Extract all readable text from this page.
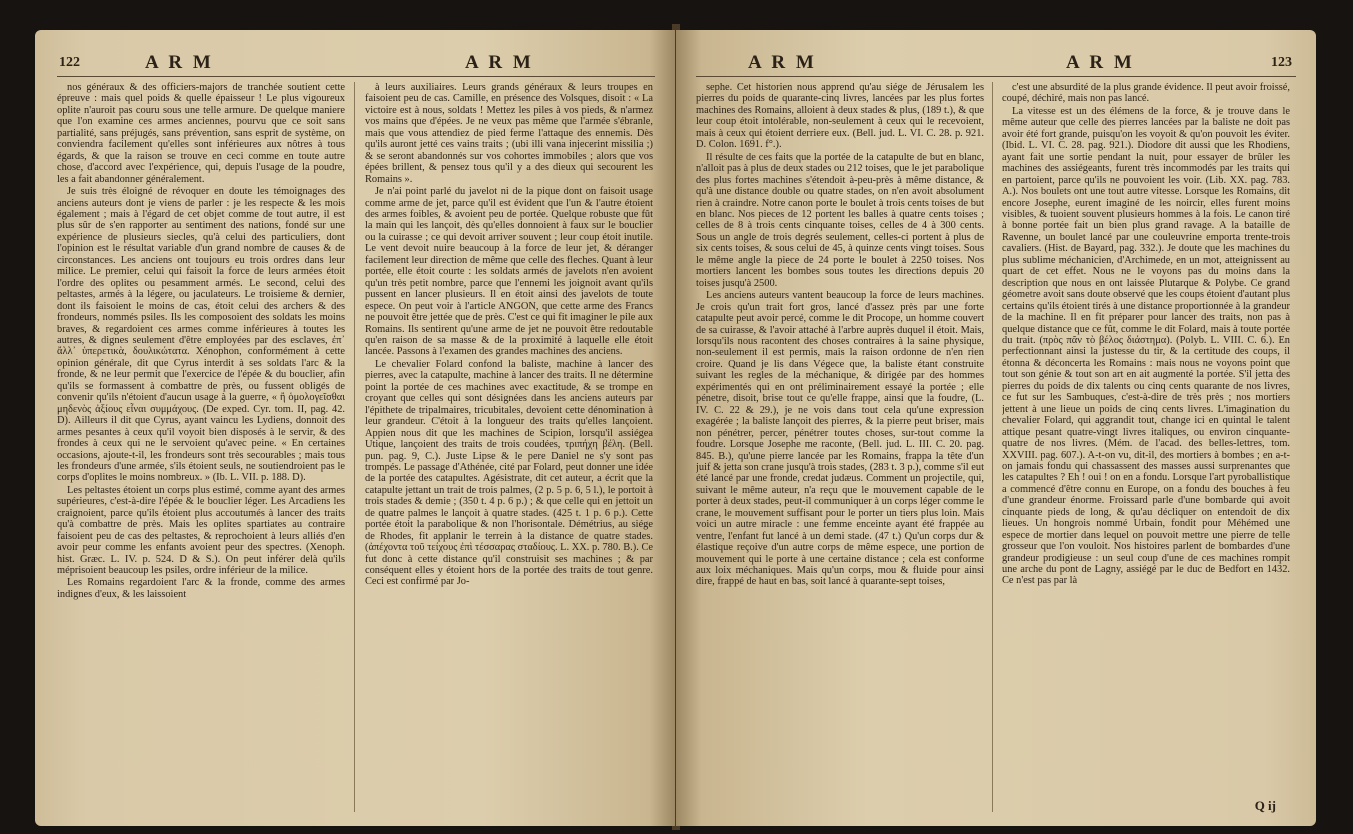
122	A R M	A R M

nos généraux & des officiers-majors de tranchée soutient cette épreuve : mais quel poids & quelle épaisseur ! Le plus vigoureux oplite n'auroit pas couru sous une telle armure. De quelque maniere que l'on examine ces armes anciennes, pourvu que ce soit sans partialité, sans préjugés, sans prévention, sans esprit de système, on conviendra facilement qu'elles sont inférieures aux nôtres à tous égards, & que la raison se trouve en ceci comme en toute autre chose, d'accord avec l'expérience, qui, depuis l'usage de la poudre, les a fait abandonner généralement.

Je suis très éloigné de révoquer en doute les témoignages des anciens auteurs dont je viens de parler : je les respecte & les mois également ; mais à l'égard de cet objet comme de tout autre, il est plus sûr de s'en rapporter au sentiment des nations, fondé sur une expérience de plusieurs siecles, qu'à celui des particuliers, dont l'opinion est le résultat variable d'un grand nombre de causes & de circonstances. Les anciens ont toujours eu trois ordres dans leur milice. Le premier, celui qui faisoit la force de leurs armées étoit l'ordre des oplites ou pesamment armés. Le second, celui des peltastes, armés à la légere, ou jaculateurs. Le troisieme & dernier, dont ils faisoient le moins de cas, étoit celui des archers & des frondeurs, nommés psiles. Ils les composoient des soldats les moins braves, & regardoient ces armes comme inférieures à toutes les autres, & dignes seulement d'être employées par des esclaves, ἐπ᾽ ἄλλ᾽ ὑπερετικὰ, δουλικώτατα. Xénophon, conformément à cette opinion générale, dit que Cyrus interdit à ses soldats l'arc & la fronde, & ne leur permit que l'exercice de l'épée & du bouclier, afin qu'ils se formassent à combattre de près, ou fussent obligés de convenir qu'ils n'étoient d'aucun usage à la guerre, « ἢ ὁμολογεῖσθαι μηδενὸς ἀξίους εἶναι συμμάχους. (De exped. Cyr. tom. II, pag. 42. D). Ailleurs il dit que Cyrus, ayant vaincu les Lydiens, donnoit des armes pesantes à ceux qu'il voyoit bien disposés à le servir, & des frondes à ceux qui ne le servoient qu'avec peine. « En certaines occasions, ajoute-t-il, les frondeurs sont très secourables ; mais tous les frondeurs d'une armée, s'ils étoient seuls, ne soutiendroient pas le corps d'oplites le moins nombreux. » (Ib. L. VII. p. 188. D).

Les peltastes étoient un corps plus estimé, comme ayant des armes supérieures, c'est-à-dire l'épée & le bouclier léger. Les Arcadiens les craignoient, parce qu'ils étoient plus accoutumés à lancer des traits qu'à combattre de près. Mais les oplites spartiates au contraire faisoient peu de cas des peltastes, & reprochoient à leurs alliés d'en avoir peur comme les enfants avoient peur des spectres. (Xenoph. hist. Græc. L. IV. p. 524. D & S.). On peut inférer delà qu'ils méprisoient beaucoup les psiles, ordre inférieur de la milice.

Les Romains regardoient l'arc & la fronde, comme des armes indignes d'eux, & les laissoient

à leurs auxiliaires. Leurs grands généraux & leurs troupes en faisoient peu de cas. Camille, en présence des Volsques, disoit : « La victoire est à nous, soldats ! Mettez les piles à vos pieds, & n'armez vos mains que d'épées. Je ne veux pas même que l'armée s'ébranle, mais que vous attendiez de pied ferme l'attaque des ennemis. Dès qu'ils auront jetté ces vains traits ; (ubi illi vana injecerint missilia ;) & se seront abandonnés sur vos cohortes immobiles ; alors que vos épées brillent, & pensez tous qu'il y a des dieux qui secourent les Romains ».

Je n'ai point parlé du javelot ni de la pique dont on faisoit usage comme arme de jet, parce qu'il est évident que l'un & l'autre étoient des armes foibles, & avoient peu de portée. Quelque robuste que fût la main qui les lançoit, dès qu'elles donnoient à faux sur le bouclier ou la cuirasse ; ce qui devoit arriver souvent ; leur coup étoit inutile. Le vent devoit nuire beaucoup à la force de leur jet, & déranger facilement leur direction de même que celle des fleches. Quant à leur portée, elle étoit courte : les soldats armés de javelots n'en avoient qu'un très petit nombre, parce que l'ennemi les joignoit avant qu'ils pussent en lancer plusieurs. Il en étoit ainsi des javelots de toute espece. On peut voir à l'article ANGON, que cette arme des Francs ne pouvoit être jettée que de près. C'est ce qui fit imaginer le pile aux Romains. Ils sentirent qu'une arme de jet ne pouvoit être redoutable qu'en raison de sa masse & de la proximité à laquelle elle étoit lancée. Passons à l'examen des grandes machines des anciens.

Le chevalier Folard confond la baliste, machine à lancer des pierres, avec la catapulte, machine à lancer des traits. Il ne détermine point la portée de ces machines avec exactitude, & se trompe en croyant que celles qui sont désignées dans les anciens auteurs par l'épithete de tripalmaires, tricubitales, devoient cette dénomination à leur grandeur. C'étoit à la longueur des traits qu'elles lançoient. Appien nous dit que les machines de Scipion, lorsqu'il assiégea Utique, lançoient des traits de trois coudées, τριπήχη βέλη. (Bell. pun. pag. 9, C.). Juste Lipse & le pere Daniel ne s'y sont pas trompés. Le passage d'Athénée, cité par Folard, peut donner une idée de la portée des catapultes. Agésistrate, dit cet auteur, a écrit que la catapulte jettant un trait de trois palmes, (2 p. 5 p. 6, 5 l.), le portoit à trois stades & demie ; (350 t. 4 p. 6 p.) ; & que celle qui en jettoit un de quatre palmes le lançoit à quatre stades. (425 t. 1 p. 6 p.). Cette portée étoit la parabolique & non l'horisontale. Démétrius, au siége de Rhodes, fit applanir le terrein à la distance de quatre stades. (ἀπέχοντα τοῦ τείχους ἐπὶ τέσσαρας σταδίους. L. XX. p. 780. B.). Ce fut donc à cette distance qu'il construisit ses machines ; & par conséquent elles y étoient hors de la portée des traits de tout genre. Ceci est confirmé par Jo-

A R M	A R M	123

sephe. Cet historien nous apprend qu'au siége de Jérusalem les pierres du poids de quarante-cinq livres, lancées par les plus fortes machines des Romains, alloient à deux stades & plus, (189 t.), & que leur coup étoit intolérable, non-seulement à ceux qui le recevoient, mais à ceux qui étoient derriere eux. (Bell. jud. L. VI. C. 28. p. 921. D. Colon. 1691. f°.).

Il résulte de ces faits que la portée de la catapulte de but en blanc, n'alloit pas à plus de deux stades ou 212 toises, que le jet parabolique des plus fortes machines s'étendoit à-peu-près à même distance, & qu'à une distance double ou quatre stades, on n'en avoit absolument rien à craindre. Notre canon porte le boulet à trois cents toises de but en blanc. Nos pieces de 12 portent les balles à quatre cents toises ; celles de 8 à trois cents cinquante toises, celles de 4 à 300 cents. Sous un angle de trois degrés seulement, celles-ci portent à plus de six cents toises, & sous celui de 45, à quinze cents vingt toises. Sous le même angle la piece de 24 porte le boulet à 2250 toises. Nos mortiers lancent les bombes sous toutes les directions depuis 20 toises jusqu'à 2500.

Les anciens auteurs vantent beaucoup la force de leurs machines. Je crois qu'un trait fort gros, lancé d'assez près par une forte catapulte peut avoir percé, comme le dit Procope, un homme couvert de sa cuirasse, & l'avoir attaché à l'arbre auprès duquel il étoit. Mais, lorsqu'ils nous racontent des choses contraires à la saine physique, non-seulement il est permis, mais la raison ordonne de n'en rien croire. Quand je lis dans Végece que, la baliste étant construite suivant les regles de la méchanique, & dirigée par des hommes expérimentés qui en ont préliminairement essayé la portée ; elle pénetre, disoit, brise tout ce qu'elle frappe, ainsi que la foudre, (L. IV. C. 22 & 29.), je ne vois dans tout cela qu'une expression exagérée ; la baliste lançoit des pierres, & la pierre peut briser, mais non pénétrer, percer, pénétrer toutes choses, sur-tout comme la foudre. Lorsque Josephe me raconte, (Bell. jud. L. III. C. 20. pag. 845. B.), qu'une pierre lancée par les Romains, frappa la tête d'un juif & jetta son crane jusqu'à trois stades, (283 t. 3 p.), comme s'il eut été lancé par une fronde, credat judæus. Comment un projectile, qui, suivant le même auteur, n'a reçu que le mouvement capable de le porter à deux stades, peut-il communiquer à un corps léger comme le crane, le mouvement suffisant pour le porter un tiers plus loin. Mais voici un autre miracle : une femme enceinte ayant été frappée au ventre, l'enfant fut lancé à un demi stade. (47 t.) Qu'un corps dur & élastique reçoive d'un autre corps de même espece, une portion de mouvement qui le porte à une certaine distance ; cela est conforme aux loix méchaniques. Mais qu'un corps, mou & fluide pour ainsi dire, frappé de haut en bas, soit lancé à quarante-sept toises,

c'est une absurdité de la plus grande évidence. Il peut avoir froissé, coupé, déchiré, mais non pas lancé.

La vitesse est un des élémens de la force, & je trouve dans le même auteur que celle des pierres lancées par la baliste ne doit pas avoir été fort grande, puisqu'on les voyoit & qu'on pouvoit les éviter. (Ibid. L. VI. C. 28. pag. 921.). Diodore dit aussi que les Rhodiens, ayant fait une sortie pendant la nuit, pour essayer de brûler les machines des assiégeants, furent très incommodés par les traits qui en partoient, parce qu'ils ne pouvoient les voir. (Lib. XX. pag. 783. A.). Nos boulets ont une tout autre vitesse. Lorsque les Romains, dit encore Josephe, eurent imaginé de les noircir, elles furent moins visibles, & tuoient souvent plusieurs hommes à la fois. Le canon tiré à bonne portée fait un bien plus grand ravage. A la bataille de Ravenne, un boulet lancé par une couleuvrine emporta trente-trois cavaliers. (Hist. de Bayard, pag. 332.). Je doute que les machines du plus sublime méchanicien, d'Archimede, en un mot, atteignissent au quart de cet effet. Nous ne le voyons pas du moins dans la description que nous en ont laissée Plutarque & Polybe. Ce grand géometre avoit sans doute observé que les coups étoient d'autant plus certains qu'ils étoient tirés à une distance proportionnée à la grandeur de la machine. Il en fit préparer pour lancer des traits, non pas à quelque distance que ce fût, comme le dit Folard, mais à toute portée du trait. (πρὸς πᾶν τὸ βέλος διάστημα). (Polyb. L. VIII. C. 6.). En perfectionnant ainsi la justesse du tir, & la certitude des coups, il étonna & déconcerta les Romains : mais nous ne voyons point que tout son génie & tout son art en ait augmenté la portée. S'il jetta des pierres du poids de dix talents ou cinq cents quarante de nos livres, ce fut sur les Sambuques, c'est-à-dire de très près ; nos mortiers jettent à une lieue un poids de cinq cents livres. L'imagination du chevalier Folard, qui aggrandit tout, change ici en quintal le talent attique pesant quatre-vingt livres italiques, ou environ cinquante-quatre de nos livres. (Mém. de l'acad. des belles-lettres, tom. XXVIII. pag. 607.). A-t-on vu, dit-il, des mortiers à bombes ; en a-t-on jamais fondu qui chassassent des masses aussi surprenantes que les catapultes ? Eh ! oui ! on en a fondu. Lorsque l'art pyroballistique a commencé d'être connu en Europe, on a fondu des bouches à feu d'une grandeur énorme. Froissard parle d'une bombarde qui avoit cinquante pieds de long, & qu'au décliquer on entendoit de dix lieues. Un hongrois nommé Urbain, fondit pour Méhémed une espece de mortier dans lequel on pouvoit mettre une pierre de telle grosseur que l'on vouloit. Nos histoires parlent de bombardes d'une grandeur prodigieuse : un seul coup d'une de ces machines rompit une arche du pont de Lagny, assiégé par le duc de Bedfort en 1432. Ce n'est pas par là

Q ij
